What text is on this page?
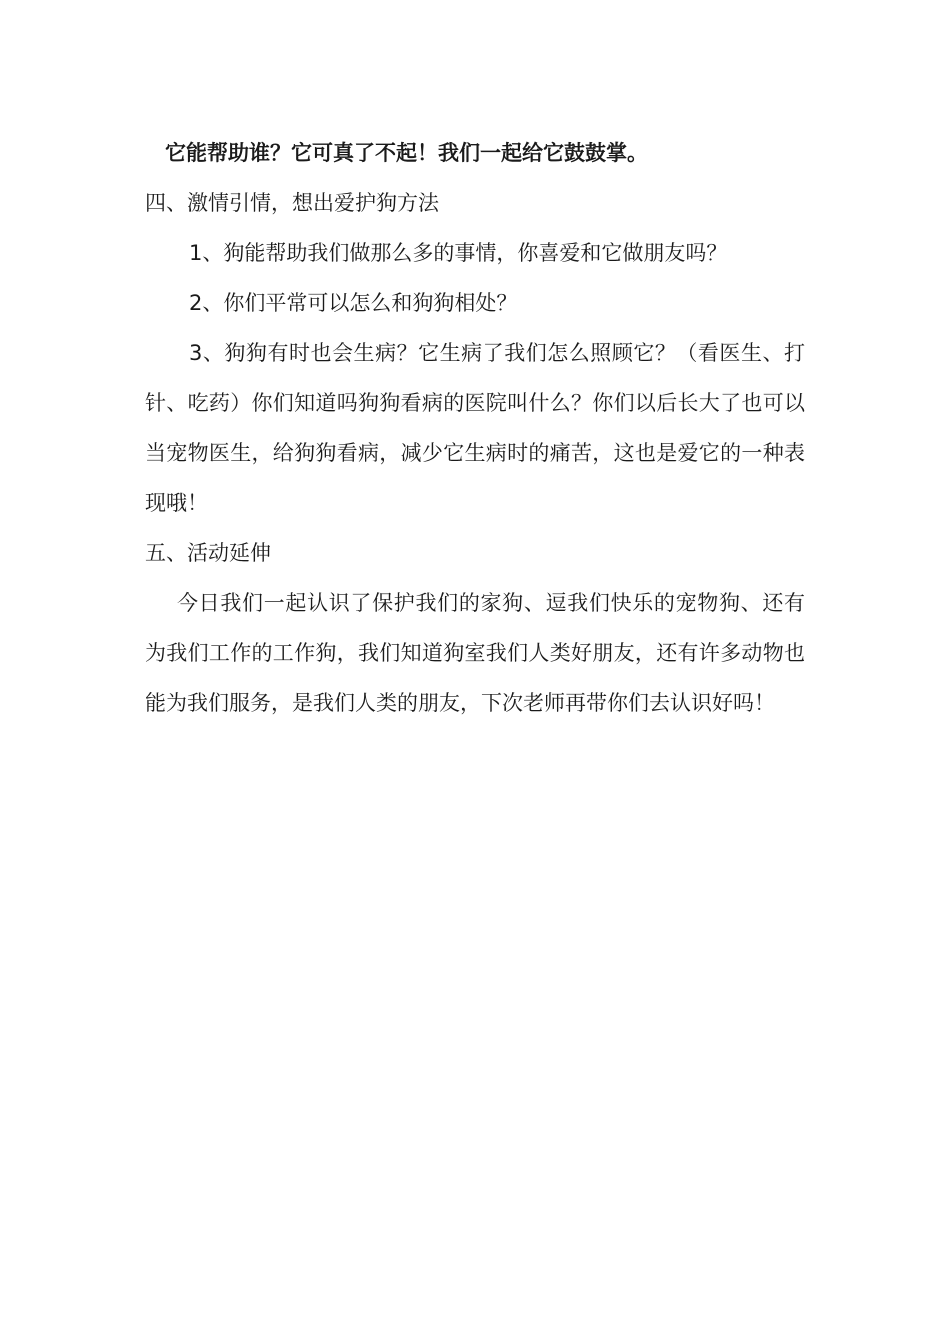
它能帮助谁？它可真了不起！我们一起给它鼓鼓掌。

四、激情引情，想出爱护狗方法

1、狗能帮助我们做那么多的事情，你喜爱和它做朋友吗？

2、你们平常可以怎么和狗狗相处？

3、狗狗有时也会生病？它生病了我们怎么照顾它？（看医生、打针、吃药）你们知道吗狗狗看病的医院叫什么？你们以后长大了也可以当宠物医生，给狗狗看病，减少它生病时的痛苦，这也是爱它的一种表现哦！

五、活动延伸

今日我们一起认识了保护我们的家狗、逗我们快乐的宠物狗、还有为我们工作的工作狗，我们知道狗室我们人类好朋友，还有许多动物也能为我们服务，是我们人类的朋友，下次老师再带你们去认识好吗！
